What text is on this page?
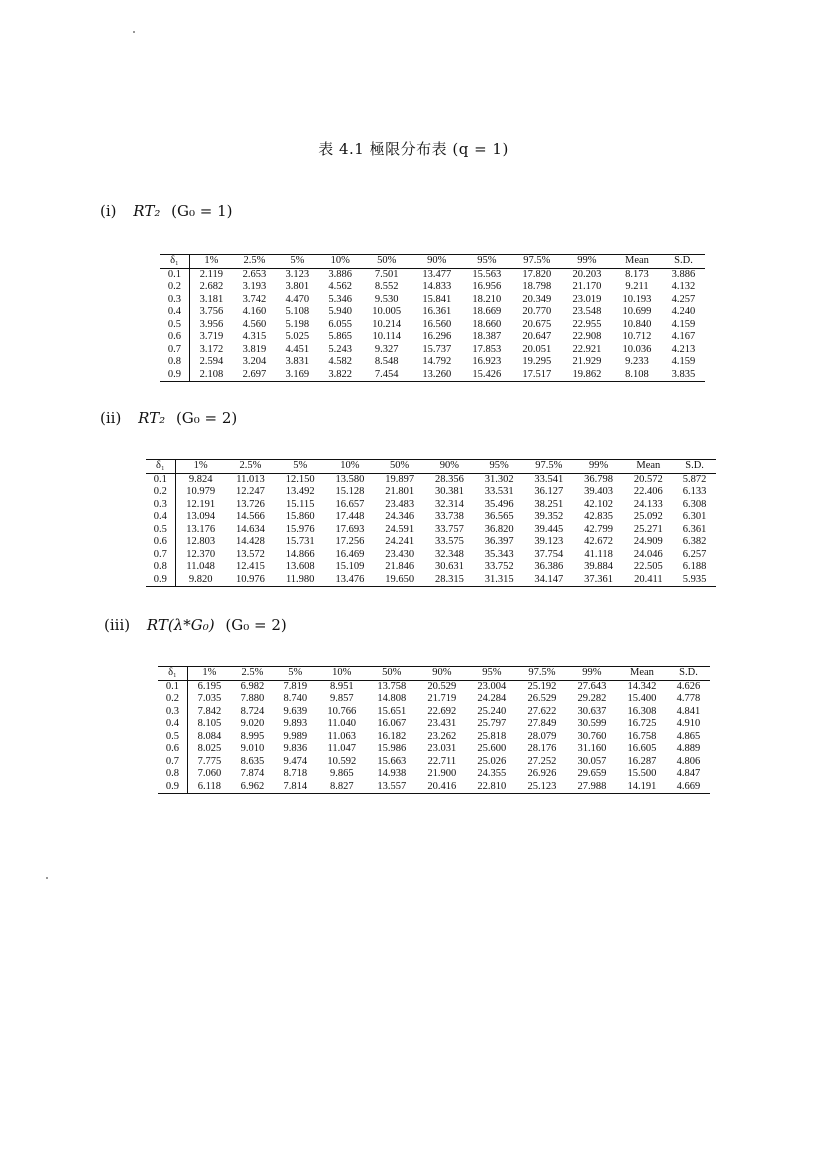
表 4.1 極限分布表 (q = 1)
(i) RT₂ (G₀ = 1)
δ₁	1%	2.5%	5%	10%	50%	90%	95%	97.5%	99%	Mean	S.D.
0.1	2.119	2.653	3.123	3.886	7.501	13.477	15.563	17.820	20.203	8.173	3.886
0.2	2.682	3.193	3.801	4.562	8.552	14.833	16.956	18.798	21.170	9.211	4.132
0.3	3.181	3.742	4.470	5.346	9.530	15.841	18.210	20.349	23.019	10.193	4.257
0.4	3.756	4.160	5.108	5.940	10.005	16.361	18.669	20.770	23.548	10.699	4.240
0.5	3.956	4.560	5.198	6.055	10.214	16.560	18.660	20.675	22.955	10.840	4.159
0.6	3.719	4.315	5.025	5.865	10.114	16.296	18.387	20.647	22.908	10.712	4.167
0.7	3.172	3.819	4.451	5.243	9.327	15.737	17.853	20.051	22.921	10.036	4.213
0.8	2.594	3.204	3.831	4.582	8.548	14.792	16.923	19.295	21.929	9.233	4.159
0.9	2.108	2.697	3.169	3.822	7.454	13.260	15.426	17.517	19.862	8.108	3.835
(ii) RT₂ (G₀ = 2)
δ₁	1%	2.5%	5%	10%	50%	90%	95%	97.5%	99%	Mean	S.D.
0.1	9.824	11.013	12.150	13.580	19.897	28.356	31.302	33.541	36.798	20.572	5.872
0.2	10.979	12.247	13.492	15.128	21.801	30.381	33.531	36.127	39.403	22.406	6.133
0.3	12.191	13.726	15.115	16.657	23.483	32.314	35.496	38.251	42.102	24.133	6.308
0.4	13.094	14.566	15.860	17.448	24.346	33.738	36.565	39.352	42.835	25.092	6.301
0.5	13.176	14.634	15.976	17.693	24.591	33.757	36.820	39.445	42.799	25.271	6.361
0.6	12.803	14.428	15.731	17.256	24.241	33.575	36.397	39.123	42.672	24.909	6.382
0.7	12.370	13.572	14.866	16.469	23.430	32.348	35.343	37.754	41.118	24.046	6.257
0.8	11.048	12.415	13.608	15.109	21.846	30.631	33.752	36.386	39.884	22.505	6.188
0.9	9.820	10.976	11.980	13.476	19.650	28.315	31.315	34.147	37.361	20.411	5.935
(iii) RT(λ*G₀) (G₀ = 2)
δ₁	1%	2.5%	5%	10%	50%	90%	95%	97.5%	99%	Mean	S.D.
0.1	6.195	6.982	7.819	8.951	13.758	20.529	23.004	25.192	27.643	14.342	4.626
0.2	7.035	7.880	8.740	9.857	14.808	21.719	24.284	26.529	29.282	15.400	4.778
0.3	7.842	8.724	9.639	10.766	15.651	22.692	25.240	27.622	30.637	16.308	4.841
0.4	8.105	9.020	9.893	11.040	16.067	23.431	25.797	27.849	30.599	16.725	4.910
0.5	8.084	8.995	9.989	11.063	16.182	23.262	25.818	28.079	30.760	16.758	4.865
0.6	8.025	9.010	9.836	11.047	15.986	23.031	25.600	28.176	31.160	16.605	4.889
0.7	7.775	8.635	9.474	10.592	15.663	22.711	25.026	27.252	30.057	16.287	4.806
0.8	7.060	7.874	8.718	9.865	14.938	21.900	24.355	26.926	29.659	15.500	4.847
0.9	6.118	6.962	7.814	8.827	13.557	20.416	22.810	25.123	27.988	14.191	4.669
